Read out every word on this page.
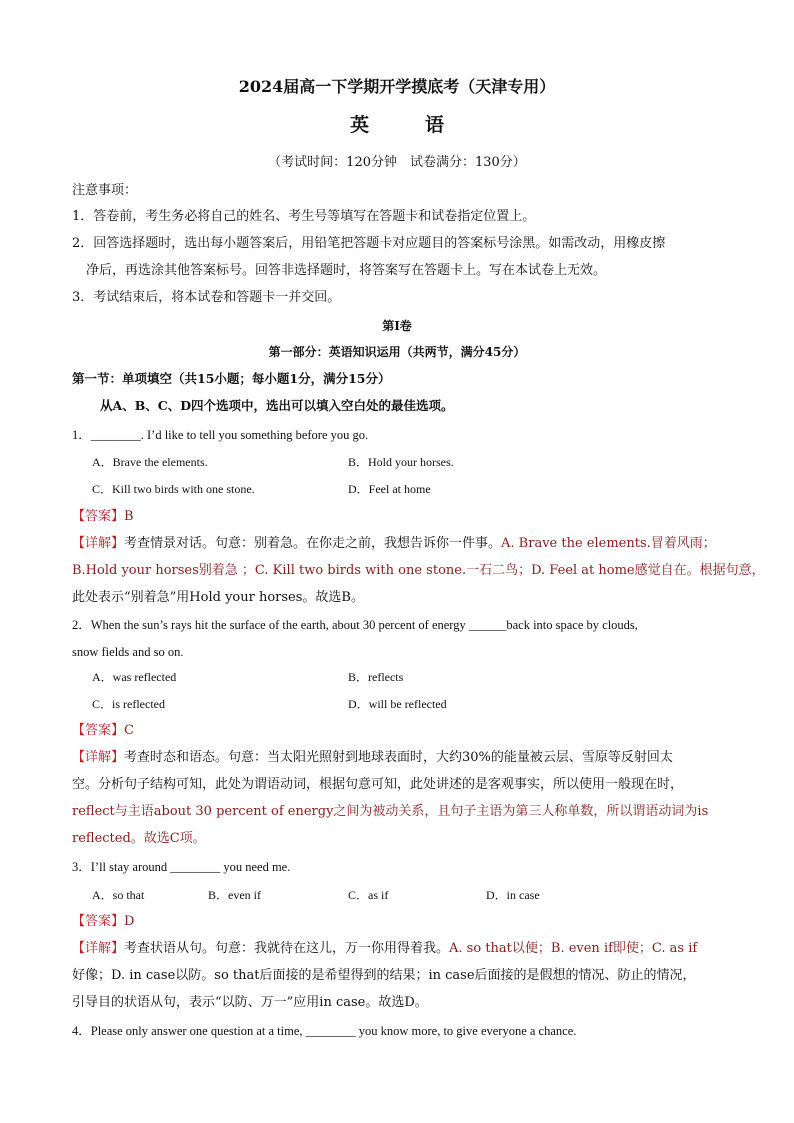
2024届高一下学期开学摸底考（天津专用）
英语
（考试时间：120分钟　试卷满分：130分）
注意事项：
1．答卷前，考生务必将自己的姓名、考生号等填写在答题卡和试卷指定位置上。
2．回答选择题时，选出每小题答案后，用铅笔把答题卡对应题目的答案标号涂黑。如需改动，用橡皮擦
净后，再选涂其他答案标号。回答非选择题时，将答案写在答题卡上。写在本试卷上无效。
3．考试结束后，将本试卷和答题卡一并交回。
第I卷
第一部分：英语知识运用（共两节，满分45分）
第一节：单项填空（共15小题；每小题1分，满分15分）
从A、B、C、D四个选项中，选出可以填入空白处的最佳选项。
1．________. I’d like to tell you something before you go.
A．Brave the elements.	B．Hold your horses.
C．Kill two birds with one stone.	D．Feel at home
【答案】B
【详解】考查情景对话。句意：别着急。在你走之前，我想告诉你一件事。A. Brave the elements.冒着风雨；
B.Hold your horses别着急 ；C. Kill two birds with one stone.一石二鸟；D. Feel at home感觉自在。根据句意，
此处表示“别着急”用Hold your horses。故选B。
2．When the sun’s rays hit the surface of the earth, about 30 percent of energy ______back into space by clouds,
snow fields and so on.
A．was reflected	B．reflects
C．is reflected	D．will be reflected
【答案】C
【详解】考查时态和语态。句意：当太阳光照射到地球表面时，大约30%的能量被云层、雪原等反射回太
空。分析句子结构可知，此处为谓语动词，根据句意可知，此处讲述的是客观事实，所以使用一般现在时，
reflect与主语about 30 percent of energy之间为被动关系，且句子主语为第三人称单数，所以谓语动词为is
reflected。故选C项。
3．I’ll stay around ________ you need me.
A．so that	B．even if	C．as if	D．in case
【答案】D
【详解】考查状语从句。句意：我就待在这儿，万一你用得着我。A. so that以便；B. even if即使；C. as if
好像；D. in case以防。so that后面接的是希望得到的结果；in case后面接的是假想的情况、防止的情况，
引导目的状语从句，表示“以防、万一”应用in case。故选D。
4．Please only answer one question at a time, ________ you know more, to give everyone a chance.
